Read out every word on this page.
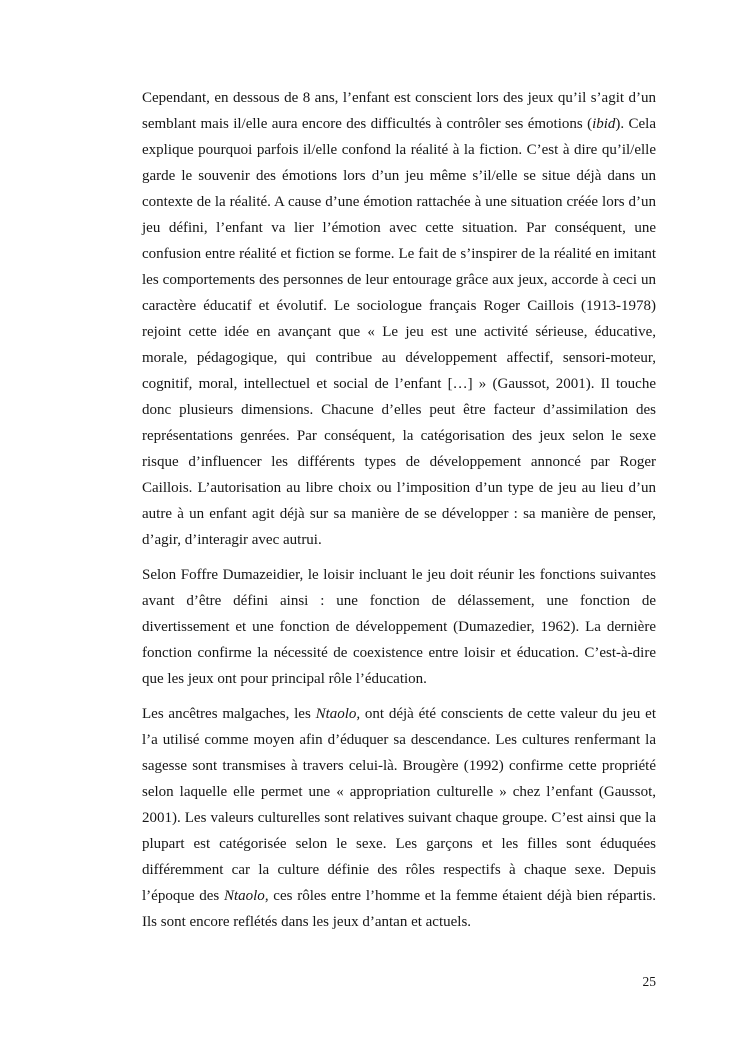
Cependant, en dessous de 8 ans, l’enfant est conscient lors des jeux qu’il s’agit d’un semblant mais il/elle aura encore des difficultés à contrôler ses émotions (ibid). Cela explique pourquoi parfois il/elle confond la réalité à la fiction. C’est à dire qu’il/elle garde le souvenir des émotions lors d’un jeu même s’il/elle se situe déjà dans un contexte de la réalité. A cause d’une émotion rattachée à une situation créée lors d’un jeu défini, l’enfant va lier l’émotion avec cette situation. Par conséquent, une confusion entre réalité et fiction se forme. Le fait de s’inspirer de la réalité en imitant les comportements des personnes de leur entourage grâce aux jeux, accorde à ceci un caractère éducatif et évolutif. Le sociologue français Roger Caillois (1913-1978) rejoint cette idée en avançant que « Le jeu est une activité sérieuse, éducative, morale, pédagogique, qui contribue au développement affectif, sensori-moteur, cognitif, moral, intellectuel et social de l’enfant […] » (Gaussot, 2001). Il touche donc plusieurs dimensions. Chacune d’elles peut être facteur d’assimilation des représentations genrées. Par conséquent, la catégorisation des jeux selon le sexe risque d’influencer les différents types de développement annoncé par Roger Caillois. L’autorisation au libre choix ou l’imposition d’un type de jeu au lieu d’un autre à un enfant agit déjà sur sa manière de se développer : sa manière de penser, d’agir, d’interagir avec autrui.

Selon Foffre Dumazeidier, le loisir incluant le jeu doit réunir les fonctions suivantes avant d’être défini ainsi : une fonction de délassement, une fonction de divertissement et une fonction de développement (Dumazedier, 1962). La dernière fonction confirme la nécessité de coexistence entre loisir et éducation. C’est-à-dire que les jeux ont pour principal rôle l’éducation.

Les ancêtres malgaches, les Ntaolo, ont déjà été conscients de cette valeur du jeu et l’a utilisé comme moyen afin d’éduquer sa descendance. Les cultures renfermant la sagesse sont transmises à travers celui-là. Brougère (1992) confirme cette propriété selon laquelle elle permet une « appropriation culturelle » chez l’enfant (Gaussot, 2001). Les valeurs culturelles sont relatives suivant chaque groupe. C’est ainsi que la plupart est catégorisée selon le sexe. Les garçons et les filles sont éduquées différemment car la culture définie des rôles respectifs à chaque sexe. Depuis l’époque des Ntaolo, ces rôles entre l’homme et la femme étaient déjà bien répartis. Ils sont encore reflétés dans les jeux d’antan et actuels.

25
